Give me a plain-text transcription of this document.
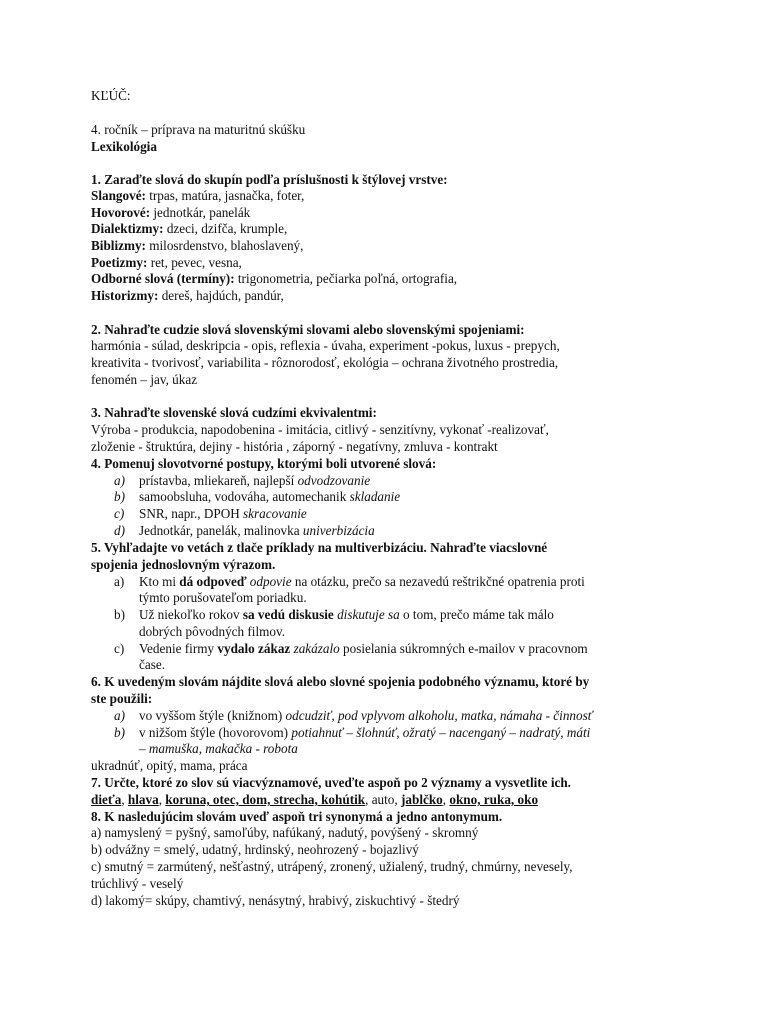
KĽÚČ:
4. ročník – príprava na maturitnú skúšku
Lexikológia
1. Zaraďte slová do skupín podľa príslušnosti k štýlovej vrstve:
Slangové: trpas, matúra, jasnačka, foter,
Hovorové: jednotkár, panelák
Dialektizmy: dzeci, dzifča, krumple,
Biblizmy: milosrdenstvo, blahoslavený,
Poetizmy: ret, pevec, vesna,
Odborné slová (termíny): trigonometria, pečiarka poľná, ortografia,
Historizmy: dereš, hajdúch, pandúr,
2. Nahraďte cudzie slová slovenskými slovami alebo slovenskými spojeniami:
harmónia - súlad, deskripcia - opis, reflexia - úvaha, experiment -pokus, luxus - prepych,
kreativita - tvorivosť, variabilita - rôznorodosť, ekológia – ochrana životného prostredia,
fenomén – jav, úkaz
3. Nahraďte slovenské slová cudzími ekvivalentmi:
Výroba - produkcia, napodobenina - imitácia, citlivý - senzitívny, vykonať -realizovať,
zloženie - štruktúra, dejiny - história , záporný - negatívny, zmluva - kontrakt
4. Pomenuj slovotvorné postupy, ktorými boli utvorené slová:
a) prístavba, mliekareň, najlepší odvodzovanie
b) samoobsluha, vodováha, automechanik skladanie
c) SNR, napr., DPOH skracovanie
d) Jednotkár, panelák, malinovka univerbizácia
5. Vyhľadajte vo vetách z tlače príklady na multiverbizáciu. Nahraďte viacslovné
spojenia jednoslovným výrazom.
a) Kto mi dá odpoveď odpovie na otázku, prečo sa nezavedú reštrikčné opatrenia proti
týmto porušovateľom poriadku.
b) Už niekoľko rokov sa vedú diskusie diskutuje sa o tom, prečo máme tak málo
dobrých pôvodných filmov.
c) Vedenie firmy vydalo zákaz zakázalo posielania súkromných e-mailov v pracovnom
čase.
6. K uvedeným slovám nájdite slová alebo slovné spojenia podobného významu, ktoré by
ste použili:
a) vo vyššom štýle (knižnom) odcudziť, pod vplyvom alkoholu, matka, námaha - činnosť
b) v nižšom štýle (hovorovom) potiahnuť – šlohnúť, ožratý – nacenganý – nadratý, máti
– mamuška, makačka - robota
ukradnúť, opitý, mama, práca
7. Určte, ktoré zo slov sú viacvýznamové, uveďte aspoň po 2 významy a vysvetlite ich.
dieťa, hlava, koruna, otec, dom, strecha, kohútik, auto, jablčko, okno, ruka, oko
8. K nasledujúcim slovám uveď aspoň tri synonymá a jedno antonymum.
a) namyslený = pyšný, samoľúby, nafúkaný, nadutý, povýšený - skromný
b) odvážny = smelý, udatný, hrdinský, neohrozený - bojazlivý
c) smutný = zarmútený, nešťastný, utrápený, zronený, užialený, trudný, chmúrny, nevesely,
trúchlivý - veselý
d) lakomý= skúpy, chamtivý, nenásytný, hrabivý, ziskuchtivý - štedrý
